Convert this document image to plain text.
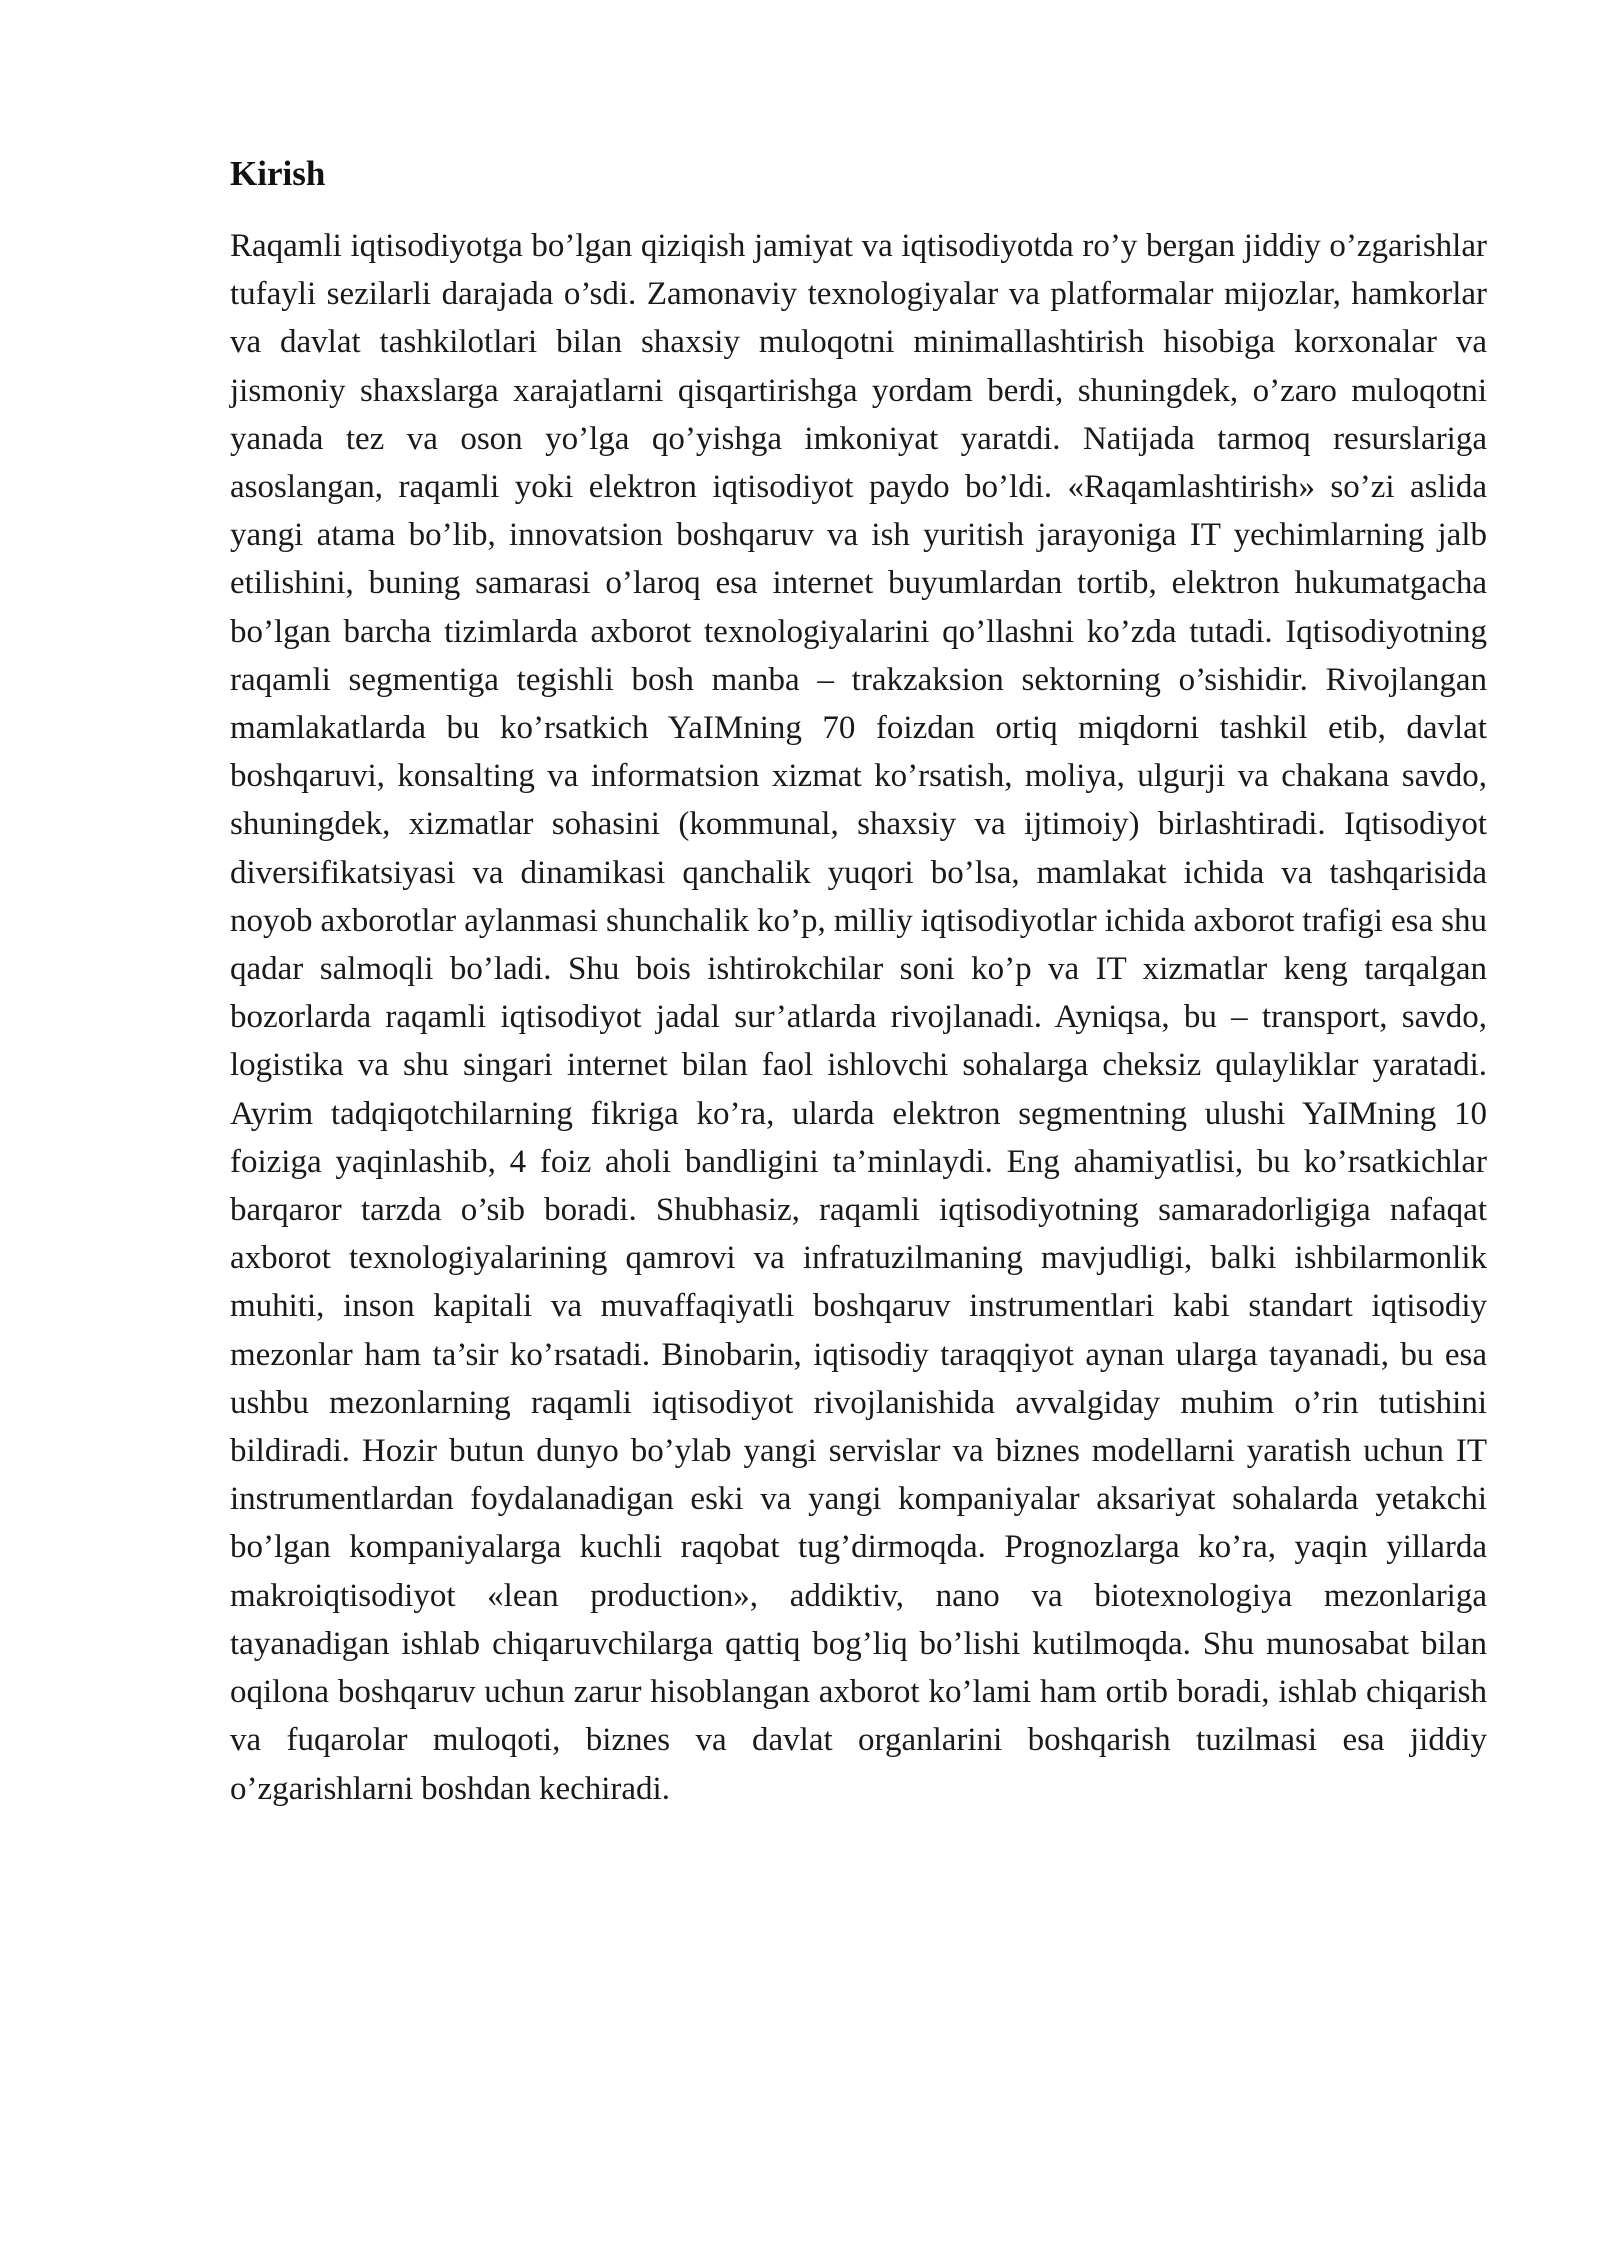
Kirish

Raqamli iqtisodiyotga bo’lgan qiziqish jamiyat va iqtisodiyotda ro’y bergan jiddiy o’zgarishlar tufayli sezilarli darajada o’sdi. Zamonaviy texnologiyalar va platformalar mijozlar, hamkorlar va davlat tashkilotlari bilan shaxsiy muloqotni minimallashtirish hisobiga korxonalar va jismoniy shaxslarga xarajatlarni qisqartirishga yordam berdi, shuningdek, o’zaro muloqotni yanada tez va oson yo’lga qo’yishga imkoniyat yaratdi. Natijada tarmoq resurslariga asoslangan, raqamli yoki elektron iqtisodiyot paydo bo’ldi. «Raqamlashtirish» so’zi aslida yangi atama bo’lib, innovatsion boshqaruv va ish yuritish jarayoniga IT yechimlarning jalb etilishini, buning samarasi o’laroq esa internet buyumlardan tortib, elektron hukumatgacha bo’lgan barcha tizimlarda axborot texnologiyalarini qo’llashni ko’zda tutadi. Iqtisodiyotning raqamli segmentiga tegishli bosh manba – trakzaksion sektorning o’sishidir. Rivojlangan mamlakatlarda bu ko’rsatkich YaIMning 70 foizdan ortiq miqdorni tashkil etib, davlat boshqaruvi, konsalting va informatsion xizmat ko’rsatish, moliya, ulgurji va chakana savdo, shuningdek, xizmatlar sohasini (kommunal, shaxsiy va ijtimoiy) birlashtiradi. Iqtisodiyot diversifikatsiyasi va dinamikasi qanchalik yuqori bo’lsa, mamlakat ichida va tashqarisida noyob axborotlar aylanmasi shunchalik ko’p, milliy iqtisodiyotlar ichida axborot trafigi esa shu qadar salmoqli bo’ladi. Shu bois ishtirokchilar soni ko’p va IT xizmatlar keng tarqalgan bozorlarda raqamli iqtisodiyot jadal sur’atlarda rivojlanadi. Ayniqsa, bu – transport, savdo, logistika va shu singari internet bilan faol ishlovchi sohalarga cheksiz qulayliklar yaratadi. Ayrim tadqiqotchilarning fikriga ko’ra, ularda elektron segmentning ulushi YaIMning 10 foiziga yaqinlashib, 4 foiz aholi bandligini ta’minlaydi. Eng ahamiyatlisi, bu ko’rsatkichlar barqaror tarzda o’sib boradi. Shubhasiz, raqamli iqtisodiyotning samaradorligiga nafaqat axborot texnologiyalarining qamrovi va infratuzilmaning mavjudligi, balki ishbilarmonlik muhiti, inson kapitali va muvaffaqiyatli boshqaruv instrumentlari kabi standart iqtisodiy mezonlar ham ta’sir ko’rsatadi. Binobarin, iqtisodiy taraqqiyot aynan ularga tayanadi, bu esa ushbu mezonlarning raqamli iqtisodiyot rivojlanishida avvalgiday muhim o’rin tutishini bildiradi. Hozir butun dunyo bo’ylab yangi servislar va biznes modellarni yaratish uchun IT instrumentlardan foydalanadigan eski va yangi kompaniyalar aksariyat sohalarda yetakchi bo’lgan kompaniyalarga kuchli raqobat tug’dirmoqda. Prognozlarga ko’ra, yaqin yillarda makroiqtisodiyot «lean production», addiktiv, nano va biotexnologiya mezonlariga tayanadigan ishlab chiqaruvchilarga qattiq bog’liq bo’lishi kutilmoqda. Shu munosabat bilan oqilona boshqaruv uchun zarur hisoblangan axborot ko’lami ham ortib boradi, ishlab chiqarish va fuqarolar muloqoti, biznes va davlat organlarini boshqarish tuzilmasi esa jiddiy o’zgarishlarni boshdan kechiradi.
